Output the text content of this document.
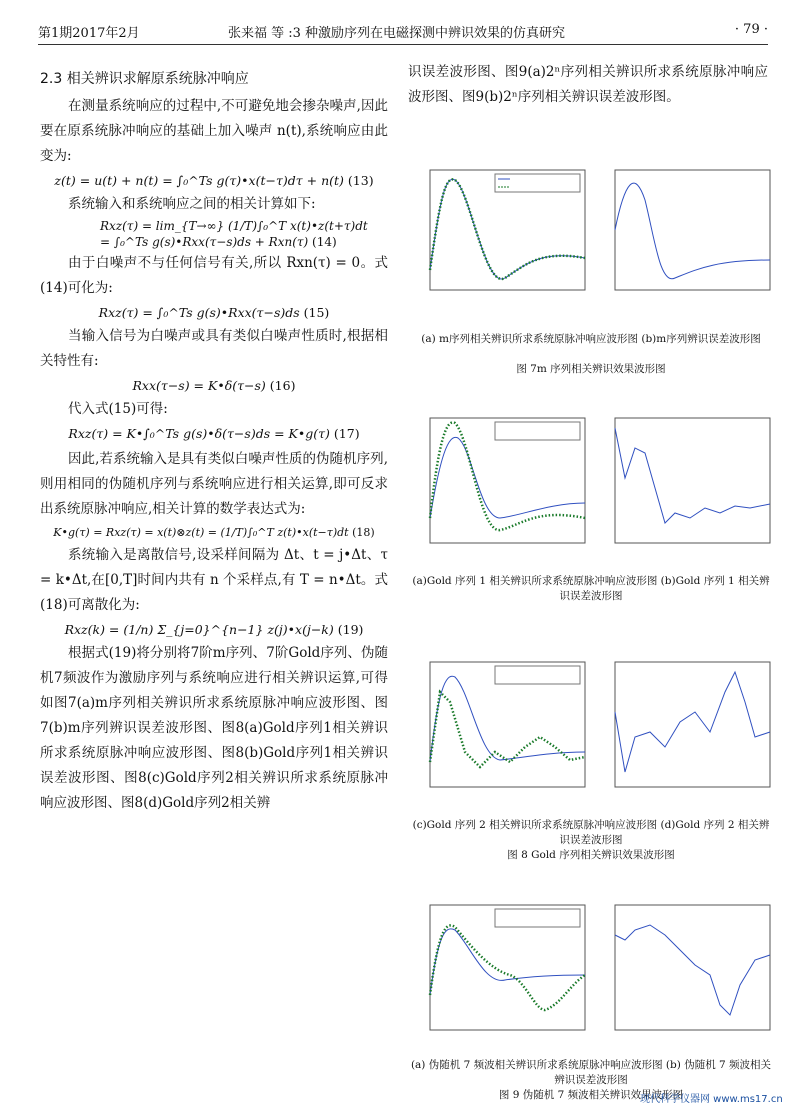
第1期2017年2月	张来福 等 :3 种激励序列在电磁探测中辨识效果的仿真研究	· 79 ·
2.3 相关辨识求解原系统脉冲响应

在测量系统响应的过程中,不可避免地会掺杂噪声,因此要在原系统脉冲响应的基础上加入噪声 n(t),系统响应由此变为:

z(t) = u(t) + n(t) = ∫₀^Ts g(τ)•x(t−τ)dτ + n(t) (13)

系统输入和系统响应之间的相关计算如下:

Rxz(τ) = lim_{T→∞} (1/T)∫₀^T x(t)•z(t+τ)dt
= ∫₀^Ts g(s)•Rxx(τ−s)ds + Rxn(τ) (14)

由于白噪声不与任何信号有关,所以 Rxn(τ) = 0。式(14)可化为:

Rxz(τ) = ∫₀^Ts g(s)•Rxx(τ−s)ds (15)

当输入信号为白噪声或具有类似白噪声性质时,根据相关特性有:

Rxx(τ−s) = K•δ(τ−s) (16)

代入式(15)可得:

Rxz(τ) = K•∫₀^Ts g(s)•δ(τ−s)ds = K•g(τ) (17)

因此,若系统输入是具有类似白噪声性质的伪随机序列,则用相同的伪随机序列与系统响应进行相关运算,即可反求出系统原脉冲响应,相关计算的数学表达式为:

K•g(τ) = Rxz(τ) = x(t)⊗z(t) = (1/T)∫₀^T z(t)•x(t−τ)dt (18)

系统输入是离散信号,设采样间隔为 Δt、t = j•Δt、τ = k•Δt,在[0,T]时间内共有 n 个采样点,有 T = n•Δt。式(18)可离散化为:

Rxz(k) = (1/n) Σ_{j=0}^{n−1} z(j)•x(j−k) (19)

根据式(19)将分别将7阶m序列、7阶Gold序列、伪随机7频波作为激励序列与系统响应进行相关辨识运算,可得如图7(a)m序列相关辨识所求系统原脉冲响应波形图、图7(b)m序列辨识误差波形图、图8(a)Gold序列1相关辨识所求系统原脉冲响应波形图、图8(b)Gold序列1相关辨识误差波形图、图8(c)Gold序列2相关辨识所求系统原脉冲响应波形图、图8(d)Gold序列2相关辨

识误差波形图、图9(a)2ⁿ序列相关辨识所求系统原脉冲响应波形图、图9(b)2ⁿ序列相关辨识误差波形图。

(a) m序列相关辨识所求系统原脉冲响应波形图 (b)m序列辨识误差波形图
图 7m 序列相关辨识效果波形图
(a)Gold 序列 1 相关辨识所求系统原脉冲响应波形图 (b)Gold 序列 1 相关辨识误差波形图
(c)Gold 序列 2 相关辨识所求系统原脉冲响应波形图 (d)Gold 序列 2 相关辨识误差波形图
图 8 Gold 序列相关辨识效果波形图
(a) 伪随机 7 频波相关辨识所求系统原脉冲响应波形图 (b) 伪随机 7 频波相关辨识误差波形图
图 9 伪随机 7 频波相关辨识效果波形图
现代科学仪器网 www.ms17.cn
